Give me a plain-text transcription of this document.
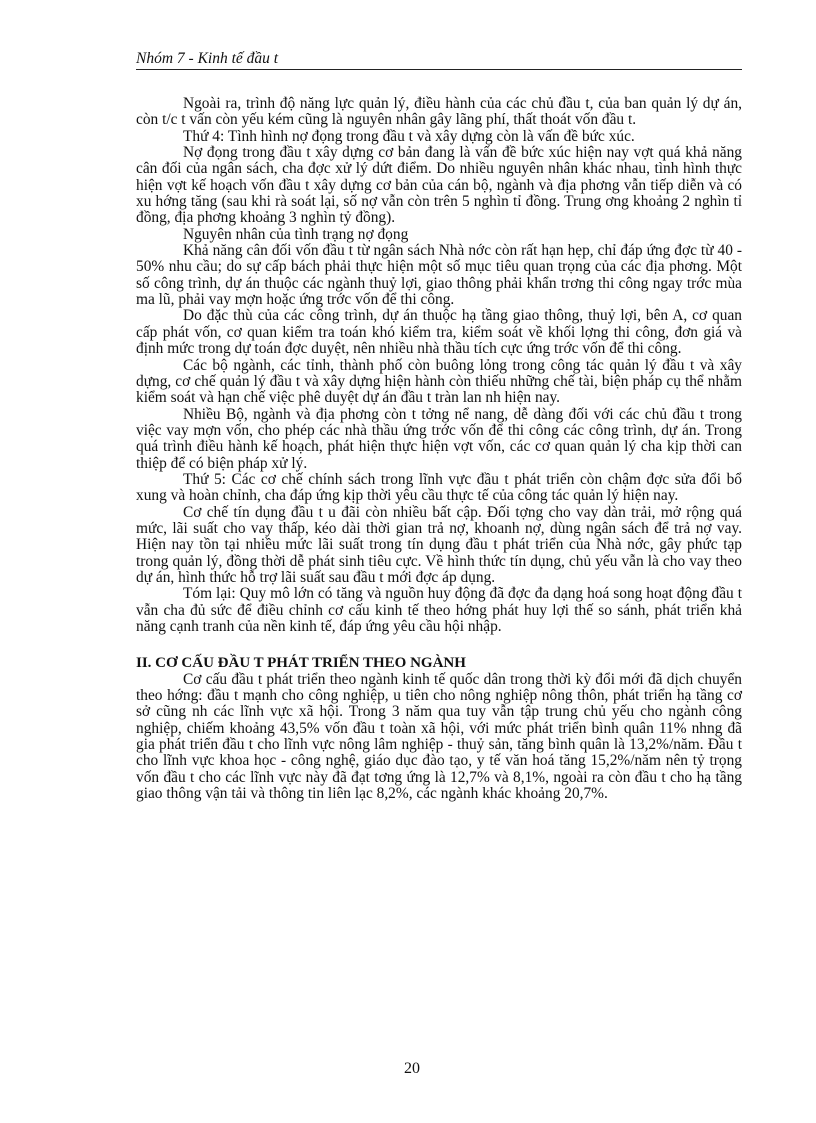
Nhóm 7 - Kinh tế đầu t

Ngoài ra, trình độ năng lực quản lý, điều hành của các chủ đầu t, của ban quản lý dự án, còn t/c t vấn còn yếu kém cũng là nguyên nhân gây lãng phí, thất thoát vốn đầu t.

Thứ 4: Tình hình nợ đọng trong đầu t và xây dựng còn là vấn đề bức xúc.

Nợ đọng trong đầu t xây dựng cơ bản đang là vấn đề bức xúc hiện nay vợt quá khả năng cân đối của ngân sách, cha đợc xử lý dứt điểm. Do nhiều nguyên nhân khác nhau, tình hình thực hiện vợt kế hoạch vốn đầu t xây dựng cơ bản của cán bộ, ngành và địa phơng vẫn tiếp diễn và có xu hớng tăng (sau khi rà soát lại, số nợ vẫn còn trên 5 nghìn tỉ đồng. Trung ơng khoảng 2 nghìn tỉ đồng, địa phơng khoảng 3 nghìn tỷ đồng).

Nguyên nhân của tình trạng nợ đọng

Khả năng cân đối vốn đầu t từ ngân sách Nhà nớc còn rất hạn hẹp, chỉ đáp ứng đợc từ 40 - 50% nhu cầu; do sự cấp bách phải thực hiện một số mục tiêu quan trọng của các địa phơng. Một số công trình, dự án thuộc các ngành thuỷ lợi, giao thông phải khẩn trơng thi công ngay trớc mùa ma lũ, phải vay mợn hoặc ứng trớc vốn để thi công.

Do đặc thù của các công trình, dự án thuộc hạ tầng giao thông, thuỷ lợi, bên A, cơ quan cấp phát vốn, cơ quan kiểm tra toán khó kiểm tra, kiểm soát về khối lợng thi công, đơn giá và định mức trong dự toán đợc duyệt, nên nhiều nhà thầu tích cực ứng trớc vốn để thi công.

Các bộ ngành, các tỉnh, thành phố còn buông lỏng trong công tác quản lý đầu t và xây dựng, cơ chế quản lý đầu t và xây dựng hiện hành còn thiếu những chế tài, biện pháp cụ thể nhằm kiểm soát và hạn chế việc phê duyệt dự án đầu t tràn lan nh hiện nay.

Nhiều Bộ, ngành và địa phơng còn t tởng nể nang, dễ dàng đối với các chủ đầu t trong việc vay mợn vốn, cho phép các nhà thầu ứng trớc vốn để thi công các công trình, dự án. Trong quá trình điều hành kế hoạch, phát hiện thực hiện vợt vốn, các cơ quan quản lý cha kịp thời can thiệp để có biện pháp xử lý.

Thứ 5: Các cơ chế chính sách trong lĩnh vực đầu t phát triển còn chậm đợc sửa đổi bổ xung và hoàn chỉnh, cha đáp ứng kịp thời yêu cầu thực tế của công tác quản lý hiện nay.

Cơ chế tín dụng đầu t u đãi còn nhiều bất cập. Đối tợng cho vay dàn trải, mở rộng quá mức, lãi suất cho vay thấp, kéo dài thời gian trả nợ, khoanh nợ, dùng ngân sách để trả nợ vay. Hiện nay tồn tại nhiều mức lãi suất trong tín dụng đầu t phát triển của Nhà nớc, gây phức tạp trong quản lý, đồng thời dễ phát sinh tiêu cực. Về hình thức tín dụng, chủ yếu vẫn là cho vay theo dự án, hình thức hỗ trợ lãi suất sau đầu t mới đợc áp dụng.

Tóm lại: Quy mô lớn có tăng và nguồn huy động đã đợc đa dạng hoá song hoạt động đầu t vẫn cha đủ sức để điều chỉnh cơ cấu kinh tế theo hớng phát huy lợi thế so sánh, phát triển khả năng cạnh tranh của nền kinh tế, đáp ứng yêu cầu hội nhập.

II. CƠ CẤU ĐẦU T PHÁT TRIỂN THEO NGÀNH

Cơ cấu đầu t phát triển theo ngành kinh tế quốc dân trong thời kỳ đổi mới đã dịch chuyển theo hớng: đầu t mạnh cho công nghiệp, u tiên cho nông nghiệp nông thôn, phát triển hạ tầng cơ sở cũng nh các lĩnh vực xã hội. Trong 3 năm qua tuy vẫn tập trung chủ yếu cho ngành công nghiệp, chiếm khoảng 43,5% vốn đầu t toàn xã hội, với mức phát triển bình quân 11% nhng đã gia phát triển đầu t cho lĩnh vực nông lâm nghiệp - thuỷ sản, tăng bình quân là 13,2%/năm. Đầu t cho lĩnh vực khoa học - công nghệ, giáo dục đào tạo, y tế văn hoá tăng 15,2%/năm nên tỷ trọng vốn đầu t cho các lĩnh vực này đã đạt tơng ứng là 12,7% và 8,1%, ngoài ra còn đầu t cho hạ tầng giao thông vận tải và thông tin liên lạc 8,2%, các ngành khác khoảng 20,7%.

20
